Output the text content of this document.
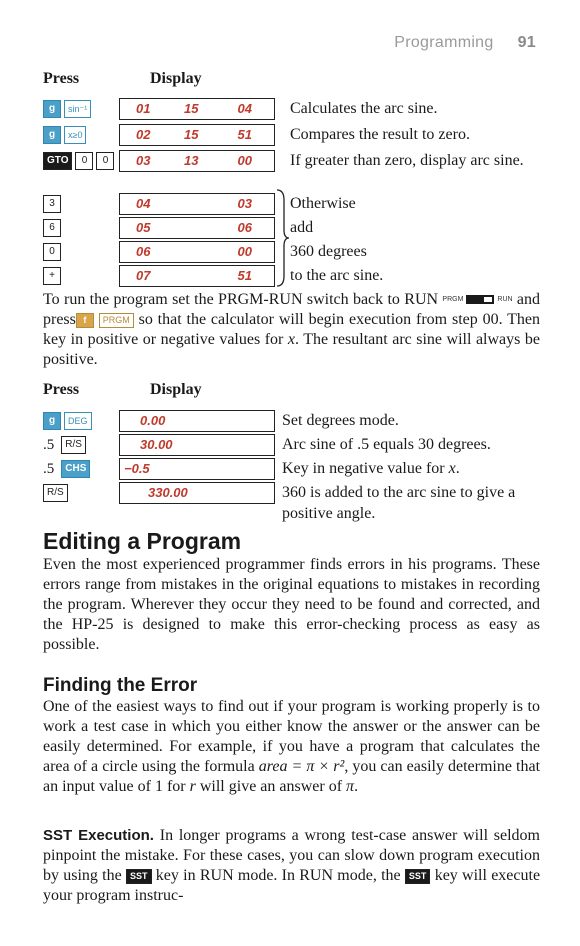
Programming 91
Press	Display
g	sin⁻¹	01	15	04 Calculates the arc sine.
g	x≥0	02	15	51 Compares the result to zero.
GTO	0	0	03	13	00 If greater than zero, display arc sine.
3	04	03 Otherwise
6	05	06 add
0	06	00 360 degrees
+	07	51 to the arc sine.
To run the program set the PRGM-RUN switch back to RUN PRGM	RUN and press f PRGM so that the calculator will begin execution from step 00. Then key in positive or negative values for x. The resultant arc sine will always be positive.
Press	Display
g	DEG	0.00	Set degrees mode.
.5	R/S	30.00	Arc sine of .5 equals 30 degrees.
.5	CHS	−0.5	Key in negative value for x.
R/S	330.00	360 is added to the arc sine to give a positive angle.
Editing a Program
Even the most experienced programmer finds errors in his programs. These errors range from mistakes in the original equations to mistakes in recording the program. Wherever they occur they need to be found and corrected, and the HP-25 is designed to make this error-checking process as easy as possible.
Finding the Error
One of the easiest ways to find out if your program is working properly is to work a test case in which you either know the answer or the answer can be easily determined. For example, if you have a program that calculates the area of a circle using the formula area = π × r², you can easily determine that an input value of 1 for r will give an answer of π.
SST Execution. In longer programs a wrong test-case answer will seldom pinpoint the mistake. For these cases, you can slow down program execution by using the SST key in RUN mode. In RUN mode, the SST key will execute your program instruc-
